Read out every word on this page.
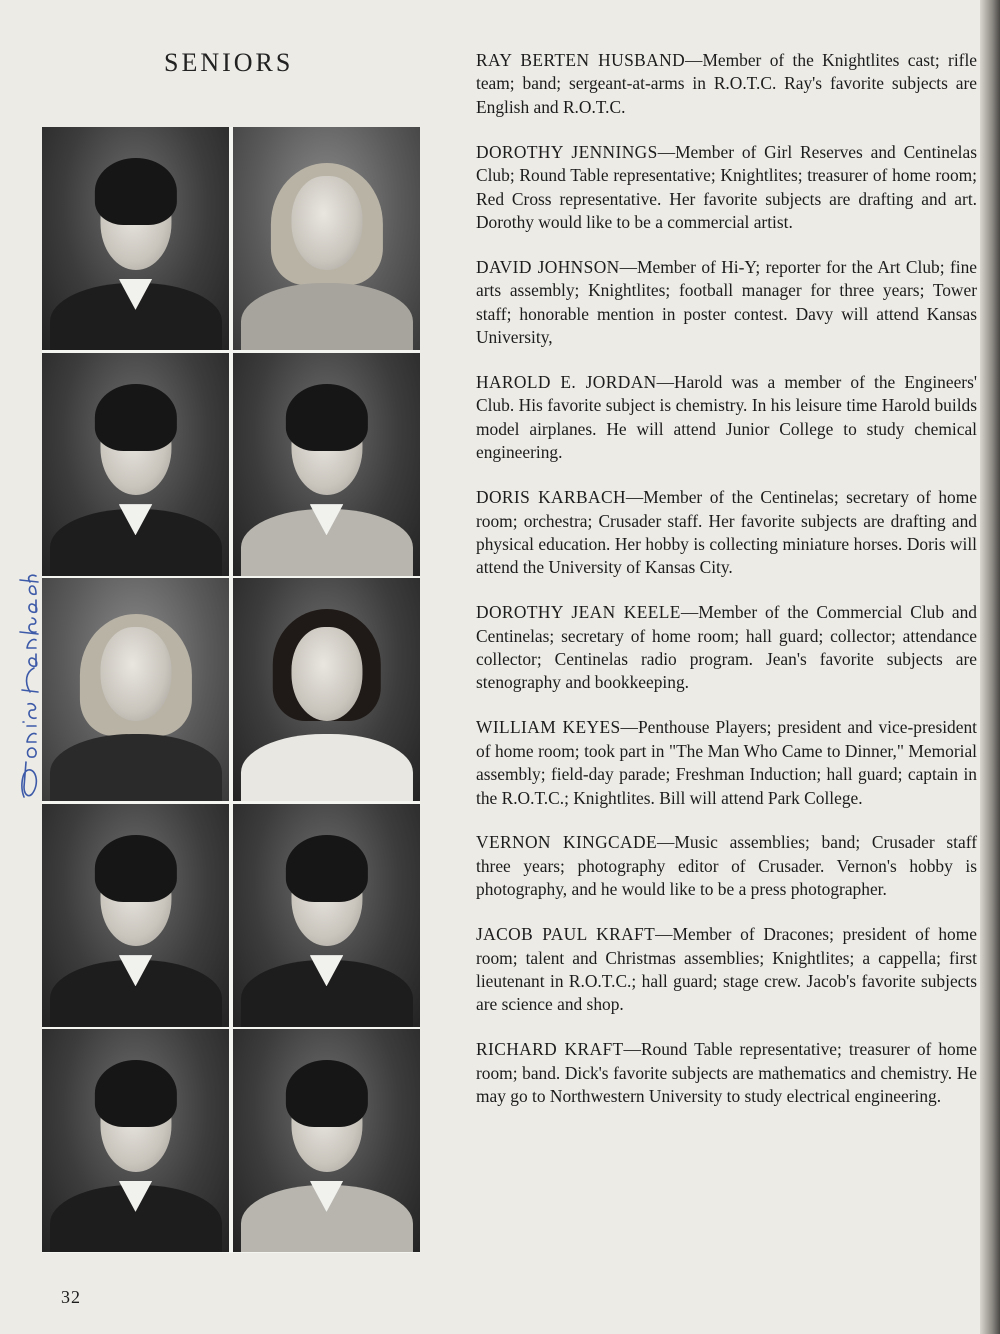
SENIORS	RAY BERTEN HUSBAND—Member of the Knightlites cast; rifle team; band; sergeant-at-arms in R.O.T.C. Ray's favorite subjects are English and R.O.T.C.

DOROTHY JENNINGS—Member of Girl Reserves and Centinelas Club; Round Table representative; Knightlites; treasurer of home room; Red Cross representative. Her favorite subjects are drafting and art. Dorothy would like to be a commercial artist.

DAVID JOHNSON—Member of Hi-Y; reporter for the Art Club; fine arts assembly; Knightlites; football manager for three years; Tower staff; honorable mention in poster contest. Davy will attend Kansas University,

HAROLD E. JORDAN—Harold was a member of the Engineers' Club. His favorite subject is chemistry. In his leisure time Harold builds model airplanes. He will attend Junior College to study chemical engineering.

DORIS KARBACH—Member of the Centinelas; secretary of home room; orchestra; Crusader staff. Her favorite subjects are drafting and physical education. Her hobby is collecting miniature horses. Doris will attend the University of Kansas City.

DOROTHY JEAN KEELE—Member of the Commercial Club and Centinelas; secretary of home room; hall guard; collector; attendance collector; Centinelas radio program. Jean's favorite subjects are stenography and bookkeeping.

WILLIAM KEYES—Penthouse Players; president and vice-president of home room; took part in "The Man Who Came to Dinner," Memorial assembly; field-day parade; Freshman Induction; hall guard; captain in the R.O.T.C.; Knightlites. Bill will attend Park College.

VERNON KINGCADE—Music assemblies; band; Crusader staff three years; photography editor of Crusader. Vernon's hobby is photography, and he would like to be a press photographer.

JACOB PAUL KRAFT—Member of Dracones; president of home room; talent and Christmas assemblies; Knightlites; a cappella; first lieutenant in R.O.T.C.; hall guard; stage crew. Jacob's favorite subjects are science and shop.

RICHARD KRAFT—Round Table representative; treasurer of home room; band. Dick's favorite subjects are mathematics and chemistry. He may go to Northwestern University to study electrical engineering.

32
